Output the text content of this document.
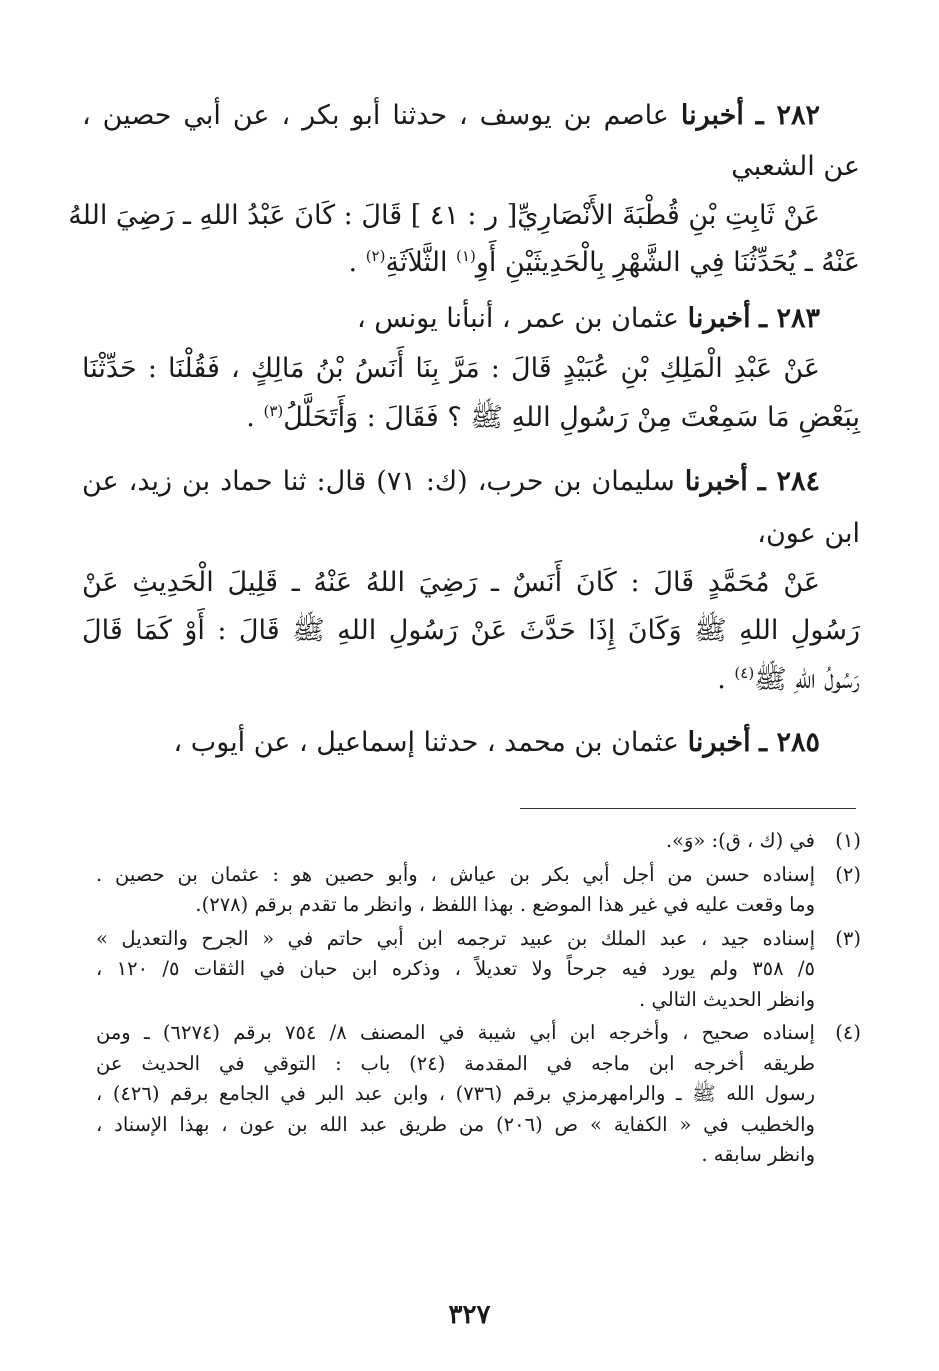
٢٨٢ ـ أخبرنا عاصم بن يوسف ، حدثنا أبو بكر ، عن أبي حصين ،
عن الشعبي
عَنْ ثَابِتِ بْنِ قُطْبَةَ الأَنْصَارِيِّ[ ر : ٤١ ] قَالَ : كَانَ عَبْدُ اللهِ ـ رَضِيَ اللهُ
عَنْهُ ـ يُحَدِّثُنَا فِي الشَّهْرِ بِالْحَدِيثَيْنِ أَوِ$^{(١)}$ الثَّلاَثَةِ$^{(٢)}$ .
٢٨٣ ـ أخبرنا عثمان بن عمر ، أنبأنا يونس ،
عَنْ عَبْدِ الْمَلِكِ بْنِ عُبَيْدٍ قَالَ : مَرَّ بِنَا أَنَسُ بْنُ مَالِكٍ ، فَقُلْنَا : حَدِّثْنَا
بِبَعْضِ مَا سَمِعْتَ مِنْ رَسُولِ اللهِ ﷺ ؟ فَقَالَ : وَأَتَحَلَّلُ$^{(٣)}$ .
٢٨٤ ـ أخبرنا سليمان بن حرب، (ك: ٧١) قال: ثنا حماد بن زيد، عن
ابن عون،
عَنْ مُحَمَّدٍ قَالَ : كَانَ أَنَسٌ ـ رَضِيَ اللهُ عَنْهُ ـ قَلِيلَ الْحَدِيثِ عَنْ
رَسُولِ اللهِ ﷺ وَكَانَ إِذَا حَدَّثَ عَنْ رَسُولِ اللهِ ﷺ قَالَ : أَوْ كَمَا قَالَ
رَسُولُ اللهِ ﷺ$^{(٤)}$ .
٢٨٥ ـ أخبرنا عثمان بن محمد ، حدثنا إسماعيل ، عن أيوب ،
(١)
في (ك ، ق): «وَ».
(٢)
إسناده حسن من أجل أبي بكر بن عياش ، وأبو حصين هو : عثمان بن حصين .
وما وقعت عليه في غير هذا الموضع . بهذا اللفظ ، وانظر ما تقدم برقم (٢٧٨).
(٣)
إسناده جيد ، عبد الملك بن عبيد ترجمه ابن أبي حاتم في « الجرح والتعديل »
٥/ ٣٥٨ ولم يورد فيه جرحاً ولا تعديلاً ، وذكره ابن حبان في الثقات ٥/ ١٢٠ ،
وانظر الحديث التالي .
(٤)
إسناده صحيح ، وأخرجه ابن أبي شيبة في المصنف ٨/ ٧٥٤ برقم (٦٢٧٤) ـ ومن
طريقه أخرجه ابن ماجه في المقدمة (٢٤) باب : التوقي في الحديث عن
رسول الله ﷺ ـ والرامهرمزي برقم (٧٣٦) ، وابن عبد البر في الجامع برقم (٤٢٦) ،
والخطيب في « الكفاية » ص (٢٠٦) من طريق عبد الله بن عون ، بهذا الإسناد ،
وانظر سابقه .
٣٢٧
